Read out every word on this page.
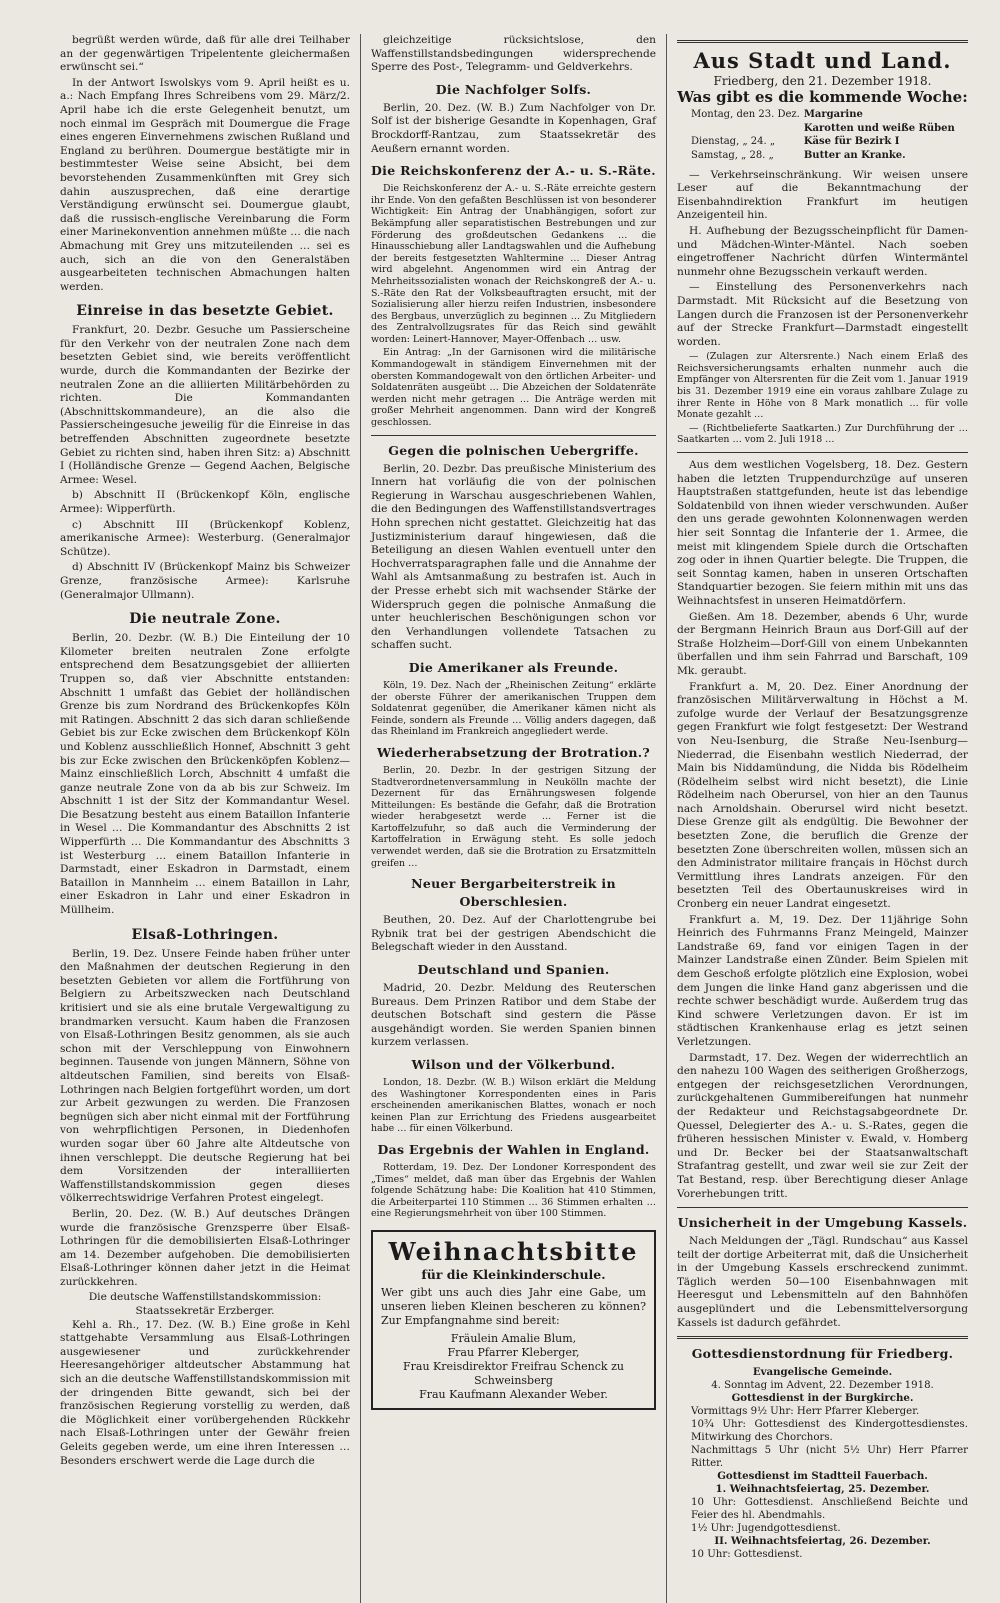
begrüßt werden würde, daß für alle drei Teilhaber an der gegenwärtigen Tripelentente gleichermaßen erwünscht sei.“

In der Antwort Iswolskys vom 9. April heißt es u. a.: Nach Empfang Ihres Schreibens vom 29. März/2. April habe ich die erste Gelegenheit benutzt, um noch einmal im Gespräch mit Doumergue die Frage eines engeren Einvernehmens zwischen Rußland und England zu berühren. Doumergue bestätigte mir in bestimmtester Weise seine Absicht, bei dem bevorstehenden Zusammenkünften mit Grey sich dahin auszusprechen, daß eine derartige Verständigung erwünscht sei. Doumergue glaubt, daß die russisch-englische Vereinbarung die Form einer Marinekonvention annehmen müßte … die nach Abmachung mit Grey uns mitzuteilenden … sei es auch, sich an die von den Generalstäben ausgearbeiteten technischen Abmachungen halten werden.

Einreise in das besetzte Gebiet.

Frankfurt, 20. Dezbr. Gesuche um Passierscheine für den Verkehr von der neutralen Zone nach dem besetzten Gebiet sind, wie bereits veröffentlicht wurde, durch die Kommandanten der Bezirke der neutralen Zone an die alliierten Militärbehörden zu richten. Die Kommandanten (Abschnittskommandeure), an die also die Passierscheingesuche jeweilig für die Einreise in das betreffenden Abschnitten zugeordnete besetzte Gebiet zu richten sind, haben ihren Sitz: a) Abschnitt I (Holländische Grenze — Gegend Aachen, Belgische Armee: Wesel.

b) Abschnitt II (Brückenkopf Köln, englische Armee): Wipperfürth.

c) Abschnitt III (Brückenkopf Koblenz, amerikanische Armee): Westerburg. (Generalmajor Schütze).

d) Abschnitt IV (Brückenkopf Mainz bis Schweizer Grenze, französische Armee): Karlsruhe (Generalmajor Ullmann).

Die neutrale Zone.

Berlin, 20. Dezbr. (W. B.) Die Einteilung der 10 Kilometer breiten neutralen Zone erfolgte entsprechend dem Besatzungsgebiet der alliierten Truppen so, daß vier Abschnitte entstanden: Abschnitt 1 umfaßt das Gebiet der holländischen Grenze bis zum Nordrand des Brückenkopfes Köln mit Ratingen. Abschnitt 2 das sich daran schließende Gebiet bis zur Ecke zwischen dem Brückenkopf Köln und Koblenz ausschließlich Honnef, Abschnitt 3 geht bis zur Ecke zwischen den Brückenköpfen Koblenz—Mainz einschließlich Lorch, Abschnitt 4 umfaßt die ganze neutrale Zone von da ab bis zur Schweiz. Im Abschnitt 1 ist der Sitz der Kommandantur Wesel. Die Besatzung besteht aus einem Bataillon Infanterie in Wesel … Die Kommandantur des Abschnitts 2 ist Wipperfürth … Die Kommandantur des Abschnitts 3 ist Westerburg … einem Bataillon Infanterie in Darmstadt, einer Eskadron in Darmstadt, einem Bataillon in Mannheim … einem Bataillon in Lahr, einer Eskadron in Lahr und einer Eskadron in Müllheim.

Elsaß-Lothringen.

Berlin, 19. Dez. Unsere Feinde haben früher unter den Maßnahmen der deutschen Regierung in den besetzten Gebieten vor allem die Fortführung von Belgiern zu Arbeitszwecken nach Deutschland kritisiert und sie als eine brutale Vergewaltigung zu brandmarken versucht. Kaum haben die Franzosen von Elsaß-Lothringen Besitz genommen, als sie auch schon mit der Verschleppung von Einwohnern beginnen. Tausende von jungen Männern, Söhne von altdeutschen Familien, sind bereits von Elsaß-Lothringen nach Belgien fortgeführt worden, um dort zur Arbeit gezwungen zu werden. Die Franzosen begnügen sich aber nicht einmal mit der Fortführung von wehrpflichtigen Personen, in Diedenhofen wurden sogar über 60 Jahre alte Altdeutsche von ihnen verschleppt. Die deutsche Regierung hat bei dem Vorsitzenden der interalliierten Waffenstillstandskommission gegen dieses völkerrechtswidrige Verfahren Protest eingelegt.

Berlin, 20. Dez. (W. B.) Auf deutsches Drängen wurde die französische Grenzsperre über Elsaß-Lothringen für die demobilisierten Elsaß-Lothringer am 14. Dezember aufgehoben. Die demobilisierten Elsaß-Lothringer können daher jetzt in die Heimat zurückkehren.

Die deutsche Waffenstillstandskommission:
Staatssekretär Erzberger.

Kehl a. Rh., 17. Dez. (W. B.) Eine große in Kehl stattgehabte Versammlung aus Elsaß-Lothringen ausgewiesener und zurückkehrender Heeresangehöriger altdeutscher Abstammung hat sich an die deutsche Waffenstillstandskommission mit der dringenden Bitte gewandt, sich bei der französischen Regierung vorstellig zu werden, daß die Möglichkeit einer vorübergehenden Rückkehr nach Elsaß-Lothringen unter der Gewähr freien Geleits gegeben werde, um eine ihren Interessen … Besonders erschwert werde die Lage durch die

gleichzeitige rücksichtslose, den Waffenstillstandsbedingungen widersprechende Sperre des Post-, Telegramm- und Geldverkehrs.

Die Nachfolger Solfs.

Berlin, 20. Dez. (W. B.) Zum Nachfolger von Dr. Solf ist der bisherige Gesandte in Kopenhagen, Graf Brockdorff-Rantzau, zum Staatssekretär des Aeußern ernannt worden.

Die Reichskonferenz der A.- u. S.-Räte.

Die Reichskonferenz der A.- u. S.-Räte erreichte gestern ihr Ende. Von den gefaßten Beschlüssen ist von besonderer Wichtigkeit: Ein Antrag der Unabhängigen, sofort zur Bekämpfung aller separatistischen Bestrebungen und zur Förderung des großdeutschen Gedankens … die Hinausschiebung aller Landtagswahlen und die Aufhebung der bereits festgesetzten Wahltermine … Dieser Antrag wird abgelehnt. Angenommen wird ein Antrag der Mehrheitssozialisten wonach der Reichskongreß der A.- u. S.-Räte den Rat der Volksbeauftragten ersucht, mit der Sozialisierung aller hierzu reifen Industrien, insbesondere des Bergbaus, unverzüglich zu beginnen … Zu Mitgliedern des Zentralvollzugsrates für das Reich sind gewählt worden: Leinert-Hannover, Mayer-Offenbach … usw.

Ein Antrag: „In der Garnisonen wird die militärische Kommandogewalt in ständigem Einvernehmen mit der obersten Kommandogewalt von den örtlichen Arbeiter- und Soldatenräten ausgeübt … Die Abzeichen der Soldatenräte werden nicht mehr getragen … Die Anträge werden mit großer Mehrheit angenommen. Dann wird der Kongreß geschlossen.

Gegen die polnischen Uebergriffe.

Berlin, 20. Dezbr. Das preußische Ministerium des Innern hat vorläufig die von der polnischen Regierung in Warschau ausgeschriebenen Wahlen, die den Bedingungen des Waffenstillstandsvertrages Hohn sprechen nicht gestattet. Gleichzeitig hat das Justizministerium darauf hingewiesen, daß die Beteiligung an diesen Wahlen eventuell unter den Hochverratsparagraphen falle und die Annahme der Wahl als Amtsanmaßung zu bestrafen ist. Auch in der Presse erhebt sich mit wachsender Stärke der Widerspruch gegen die polnische Anmaßung die unter heuchlerischen Beschönigungen schon vor den Verhandlungen vollendete Tatsachen zu schaffen sucht.

Die Amerikaner als Freunde.

Köln, 19. Dez. Nach der „Rheinischen Zeitung“ erklärte der oberste Führer der amerikanischen Truppen dem Soldatenrat gegenüber, die Amerikaner kämen nicht als Feinde, sondern als Freunde … Völlig anders dagegen, daß das Rheinland im Frankreich angegliedert werde.

Wiederherabsetzung der Brotration.?

Berlin, 20. Dezbr. In der gestrigen Sitzung der Stadtverordnetenversammlung in Neukölln machte der Dezernent für das Ernährungswesen folgende Mitteilungen: Es bestände die Gefahr, daß die Brotration wieder herabgesetzt werde … Ferner ist die Kartoffelzufuhr, so daß auch die Verminderung der Kartoffelration in Erwägung steht. Es solle jedoch verwendet werden, daß sie die Brotration zu Ersatzmitteln greifen …

Neuer Bergarbeiterstreik in Oberschlesien.

Beuthen, 20. Dez. Auf der Charlottengrube bei Rybnik trat bei der gestrigen Abendschicht die Belegschaft wieder in den Ausstand.

Deutschland und Spanien.

Madrid, 20. Dezbr. Meldung des Reuterschen Bureaus. Dem Prinzen Ratibor und dem Stabe der deutschen Botschaft sind gestern die Pässe ausgehändigt worden. Sie werden Spanien binnen kurzem verlassen.

Wilson und der Völkerbund.

London, 18. Dezbr. (W. B.) Wilson erklärt die Meldung des Washingtoner Korrespondenten eines in Paris erscheinenden amerikanischen Blattes, wonach er noch keinen Plan zur Errichtung des Friedens ausgearbeitet habe … für einen Völkerbund.

Das Ergebnis der Wahlen in England.

Rotterdam, 19. Dez. Der Londoner Korrespondent des „Times“ meldet, daß man über das Ergebnis der Wahlen folgende Schätzung habe: Die Koalition hat 410 Stimmen, die Arbeiterpartei 110 Stimmen … 36 Stimmen erhalten … eine Regierungsmehrheit von über 100 Stimmen.

Weihnachtsbitte
für die Kleinkinderschule.
Wer gibt uns auch dies Jahr eine Gabe, um unseren lieben Kleinen bescheren zu können? Zur Empfangnahme sind bereit:
Fräulein Amalie Blum,
Frau Pfarrer Kleberger,
Frau Kreisdirektor Freifrau Schenck zu Schweinsberg
Frau Kaufmann Alexander Weber.
Aus Stadt und Land.
Friedberg, den 21. Dezember 1918.
Was gibt es die kommende Woche:
Montag, den 23. Dez.	Margarine
	Karotten und weiße Rüben
Dienstag, „ 24. „	Käse für Bezirk I
Samstag, „ 28. „	Butter an Kranke.

— Verkehrseinschränkung. Wir weisen unsere Leser auf die Bekanntmachung der Eisenbahndirektion Frankfurt im heutigen Anzeigenteil hin.

H. Aufhebung der Bezugsscheinpflicht für Damen- und Mädchen-Winter-Mäntel. Nach soeben eingetroffener Nachricht dürfen Wintermäntel nunmehr ohne Bezugsschein verkauft werden.

— Einstellung des Personenverkehrs nach Darmstadt. Mit Rücksicht auf die Besetzung von Langen durch die Franzosen ist der Personenverkehr auf der Strecke Frankfurt—Darmstadt eingestellt worden.

— (Zulagen zur Altersrente.) Nach einem Erlaß des Reichsversicherungsamts erhalten nunmehr auch die Empfänger von Altersrenten für die Zeit vom 1. Januar 1919 bis 31. Dezember 1919 eine ein voraus zahlbare Zulage zu ihrer Rente in Höhe von 8 Mark monatlich … für volle Monate gezahlt …

— (Richtbelieferte Saatkarten.) Zur Durchführung der … Saatkarten … vom 2. Juli 1918 …

Aus dem westlichen Vogelsberg, 18. Dez. Gestern haben die letzten Truppendurchzüge auf unseren Hauptstraßen stattgefunden, heute ist das lebendige Soldatenbild von ihnen wieder verschwunden. Außer den uns gerade gewohnten Kolonnenwagen werden hier seit Sonntag die Infanterie der 1. Armee, die meist mit klingendem Spiele durch die Ortschaften zog oder in ihnen Quartier belegte. Die Truppen, die seit Sonntag kamen, haben in unseren Ortschaften Standquartier bezogen. Sie feiern mithin mit uns das Weihnachtsfest in unseren Heimatdörfern.

Gießen. Am 18. Dezember, abends 6 Uhr, wurde der Bergmann Heinrich Braun aus Dorf-Gill auf der Straße Holzheim—Dorf-Gill von einem Unbekannten überfallen und ihm sein Fahrrad und Barschaft, 109 Mk. geraubt.

Frankfurt a. M, 20. Dez. Einer Anordnung der französischen Militärverwaltung in Höchst a M. zufolge wurde der Verlauf der Besatzungsgrenze gegen Frankfurt wie folgt festgesetzt: Der Westrand von Neu-Isenburg, die Straße Neu-Isenburg—Niederrad, die Eisenbahn westlich Niederrad, der Main bis Niddamündung, die Nidda bis Rödelheim (Rödelheim selbst wird nicht besetzt), die Linie Rödelheim nach Oberursel, von hier an den Taunus nach Arnoldshain. Oberursel wird nicht besetzt. Diese Grenze gilt als endgültig. Die Bewohner der besetzten Zone, die beruflich die Grenze der besetzten Zone überschreiten wollen, müssen sich an den Administrator militaire français in Höchst durch Vermittlung ihres Landrats anzeigen. Für den besetzten Teil des Obertaunuskreises wird in Cronberg ein neuer Landrat eingesetzt.

Frankfurt a. M, 19. Dez. Der 11jährige Sohn Heinrich des Fuhrmanns Franz Meingeld, Mainzer Landstraße 69, fand vor einigen Tagen in der Mainzer Landstraße einen Zünder. Beim Spielen mit dem Geschoß erfolgte plötzlich eine Explosion, wobei dem Jungen die linke Hand ganz abgerissen und die rechte schwer beschädigt wurde. Außerdem trug das Kind schwere Verletzungen davon. Er ist im städtischen Krankenhause erlag es jetzt seinen Verletzungen.

Darmstadt, 17. Dez. Wegen der widerrechtlich an den nahezu 100 Wagen des seitherigen Großherzogs, entgegen der reichsgesetzlichen Verordnungen, zurückgehaltenen Gummibereifungen hat nunmehr der Redakteur und Reichstagsabgeordnete Dr. Quessel, Delegierter des A.- u. S.-Rates, gegen die früheren hessischen Minister v. Ewald, v. Homberg und Dr. Becker bei der Staatsanwaltschaft Strafantrag gestellt, und zwar weil sie zur Zeit der Tat Bestand, resp. über Berechtigung dieser Anlage Vorerhebungen tritt.

Unsicherheit in der Umgebung Kassels.

Nach Meldungen der „Tägl. Rundschau“ aus Kassel teilt der dortige Arbeiterrat mit, daß die Unsicherheit in der Umgebung Kassels erschreckend zunimmt. Täglich werden 50—100 Eisenbahnwagen mit Heeresgut und Lebensmitteln auf den Bahnhöfen ausgeplündert und die Lebensmittelversorgung Kassels ist dadurch gefährdet.

Gottesdienstordnung für Friedberg.
Evangelische Gemeinde.
4. Sonntag im Advent, 22. Dezember 1918.
Gottesdienst in der Burgkirche.
Vormittags 9½ Uhr: Herr Pfarrer Kleberger.
10¾ Uhr: Gottesdienst des Kindergottesdienstes. Mitwirkung des Chorchors.
Nachmittags 5 Uhr (nicht 5½ Uhr) Herr Pfarrer Ritter.
Gottesdienst im Stadtteil Fauerbach.
1. Weihnachtsfeiertag, 25. Dezember.
10 Uhr: Gottesdienst. Anschließend Beichte und Feier des hl. Abendmahls.
1½ Uhr: Jugendgottesdienst.
II. Weihnachtsfeiertag, 26. Dezember.
10 Uhr: Gottesdienst.
